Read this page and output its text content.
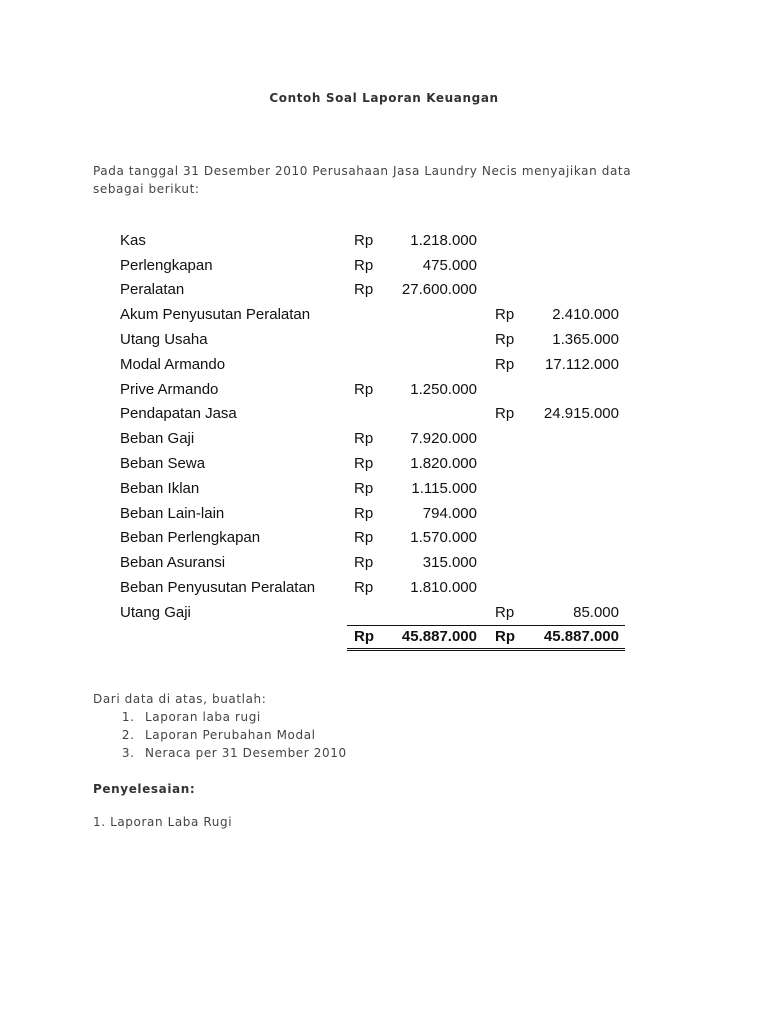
Contoh Soal Laporan Keuangan
Pada tanggal 31 Desember 2010 Perusahaan Jasa Laundry Necis menyajikan data sebagai berikut:
Kas	Rp	1.218.000		
Perlengkapan	Rp	475.000		
Peralatan	Rp	27.600.000		
Akum Penyusutan Peralatan			Rp	2.410.000
Utang Usaha			Rp	1.365.000
Modal Armando			Rp	17.112.000
Prive Armando	Rp	1.250.000		
Pendapatan Jasa			Rp	24.915.000
Beban Gaji	Rp	7.920.000		
Beban Sewa	Rp	1.820.000		
Beban Iklan	Rp	1.115.000		
Beban Lain-lain	Rp	794.000		
Beban Perlengkapan	Rp	1.570.000		
Beban Asuransi	Rp	315.000		
Beban Penyusutan Peralatan	Rp	1.810.000		
Utang Gaji			Rp	85.000
	Rp	45.887.000	Rp	45.887.000
Dari data di atas, buatlah:
1. Laporan laba rugi
2. Laporan Perubahan Modal
3. Neraca per 31 Desember 2010
Penyelesaian:
1. Laporan Laba Rugi
